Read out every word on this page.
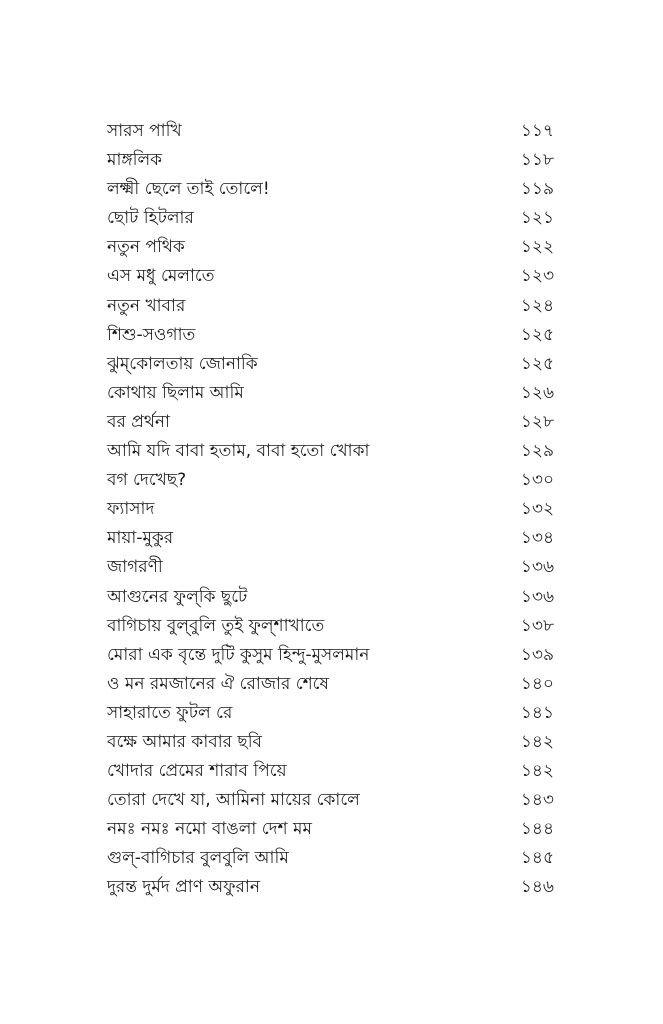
সারস পাখি	১১৭
মাঙ্গলিক	১১৮
লক্ষ্মী ছেলে তাই তোলে!	১১৯
ছোট হিটলার	১২১
নতুন পথিক	১২২
এস মধু মেলাতে	১২৩
নতুন খাবার	১২৪
শিশু-সওগাত	১২৫
ঝুম্‌কোলতায় জোনাকি	১২৫
কোথায় ছিলাম আমি	১২৬
বর প্রর্থনা	১২৮
আমি যদি বাবা হতাম, বাবা হতো খোকা	১২৯
বগ দেখেছ?	১৩০
ফ্যাসাদ	১৩২
মায়া-মুকুর	১৩৪
জাগরণী	১৩৬
আগুনের ফুল্‌কি ছুটে	১৩৬
বাগিচায় বুল্‌বুলি তুই ফুল্‌শাখাতে	১৩৮
মোরা এক বৃন্তে দুটি কুসুম হিন্দু-মুসলমান	১৩৯
ও মন রমজানের ঐ রোজার শেষে	১৪০
সাহারাতে ফুটল রে	১৪১
বক্ষে আমার কাবার ছবি	১৪২
খোদার প্রেমের শারাব পিয়ে	১৪২
তোরা দেখে যা, আমিনা মায়ের কোলে	১৪৩
নমঃ নমঃ নমো বাঙলা দেশ মম	১৪৪
গুল্‌-বাগিচার বুলবুলি আমি	১৪৫
দুরন্ত দুর্মদ প্রাণ অফুরান	১৪৬
